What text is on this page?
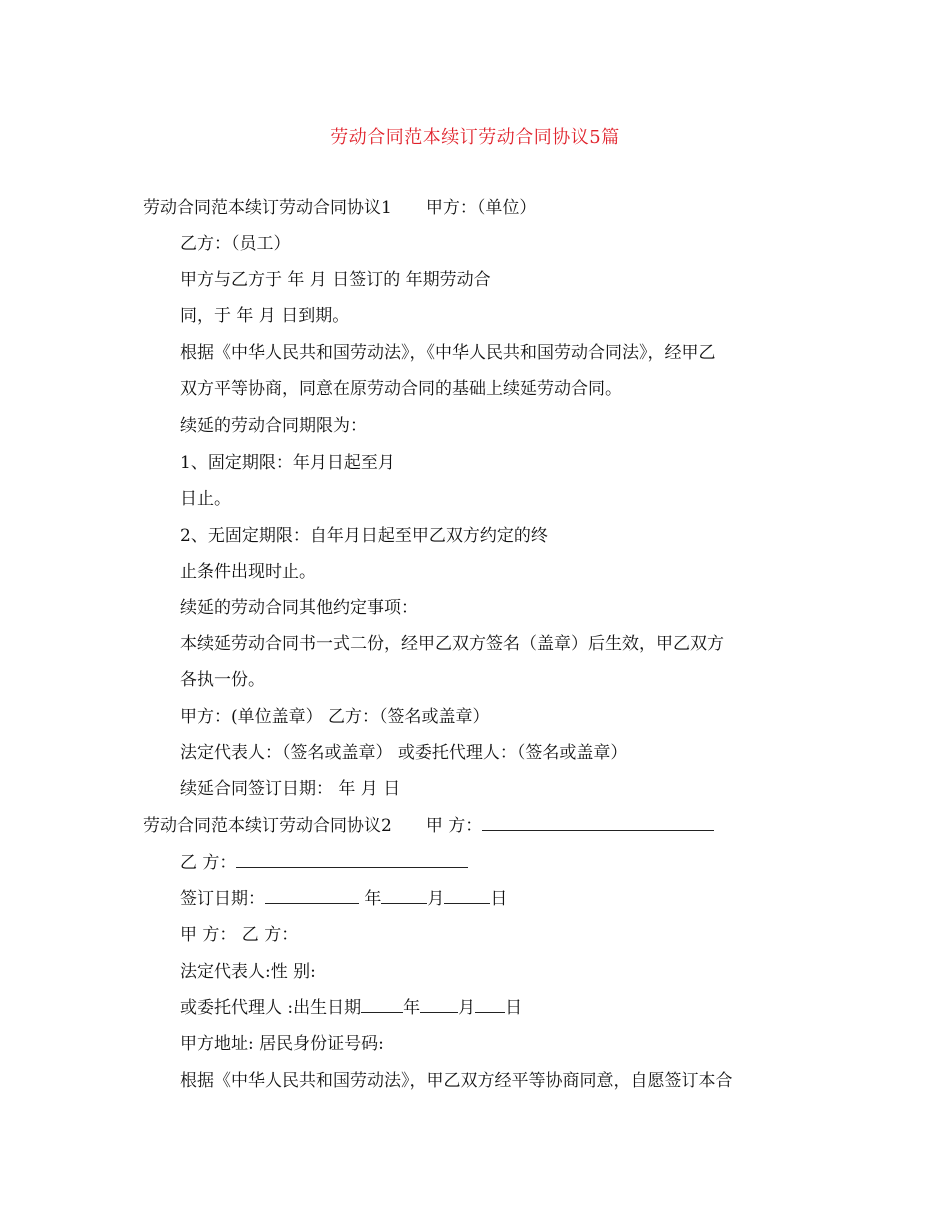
劳动合同范本续订劳动合同协议5篇
劳动合同范本续订劳动合同协议1 甲方：（单位）
乙方：（员工）
甲方与乙方于 年 月 日签订的 年期劳动合
同，于 年 月 日到期。
根据《中华人民共和国劳动法》，《中华人民共和国劳动合同法》，经甲乙
双方平等协商，同意在原劳动合同的基础上续延劳动合同。
续延的劳动合同期限为：
1、固定期限：年月日起至月
日止。
2、无固定期限：自年月日起至甲乙双方约定的终
止条件出现时止。
续延的劳动合同其他约定事项：
本续延劳动合同书一式二份，经甲乙双方签名（盖章）后生效，甲乙双方
各执一份。
甲方：(单位盖章） 乙方：（签名或盖章）
法定代表人：（签名或盖章） 或委托代理人：（签名或盖章）
续延合同签订日期： 年 月 日
劳动合同范本续订劳动合同协议2 甲 方：
乙 方：
签订日期：	年	月	日
甲 方： 乙 方：
法定代表人:性 别:
或委托代理人 :出生日期 年 月 日
甲方地址: 居民身份证号码:
根据《中华人民共和国劳动法》，甲乙双方经平等协商同意，自愿签订本合
